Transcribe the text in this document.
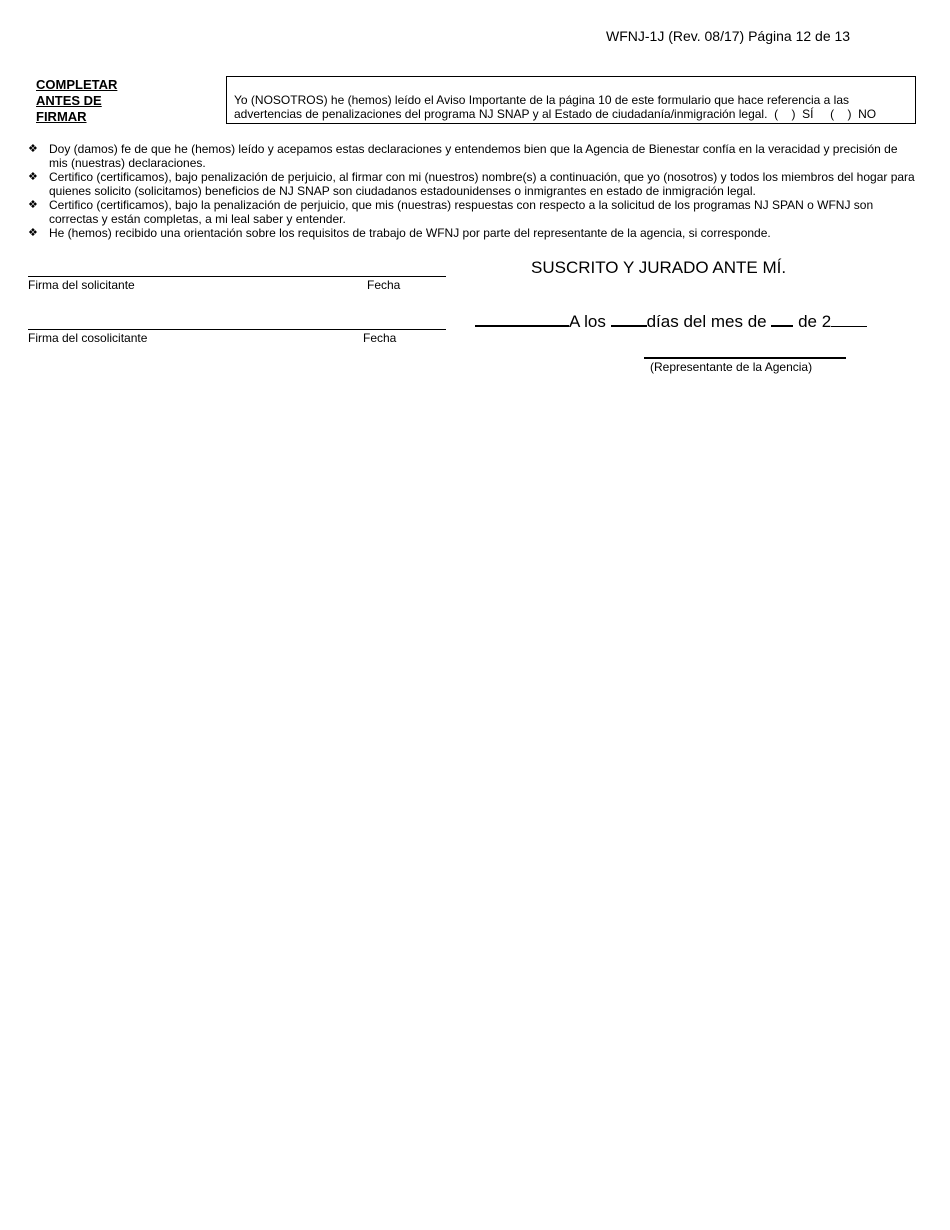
WFNJ-1J (Rev. 08/17) Página 12 de 13
COMPLETAR
ANTES DE
FIRMAR
Yo (NOSOTROS) he (hemos) leído el Aviso Importante de la página 10 de este formulario que hace referencia a las advertencias de penalizaciones del programa NJ SNAP y al Estado de ciudadanía/inmigración legal.  (    )  SÍ     (    )  NO
❖ Doy (damos) fe de que he (hemos) leído y acepamos estas declaraciones y entendemos bien que la Agencia de Bienestar confía en la veracidad y precisión de mis (nuestras) declaraciones.
❖ Certifico (certificamos), bajo penalización de perjuicio, al firmar con mi (nuestros) nombre(s) a continuación, que yo (nosotros) y todos los miembros del hogar para quienes solicito (solicitamos) beneficios de NJ SNAP son ciudadanos estadounidenses o inmigrantes en estado de inmigración legal.
❖ Certifico (certificamos), bajo la penalización de perjuicio, que mis (nuestras) respuestas con respecto a la solicitud de los programas NJ SPAN o WFNJ son correctas y están completas, a mi leal saber y entender.
❖ He (hemos) recibido una orientación sobre los requisitos de trabajo de WFNJ por parte del representante de la agencia, si corresponde.
Firma del solicitante	Fecha
Firma del cosolicitante	Fecha
SUSCRITO Y JURADO ANTE MÍ.
A los días del mes de de 2
(Representante de la Agencia)
